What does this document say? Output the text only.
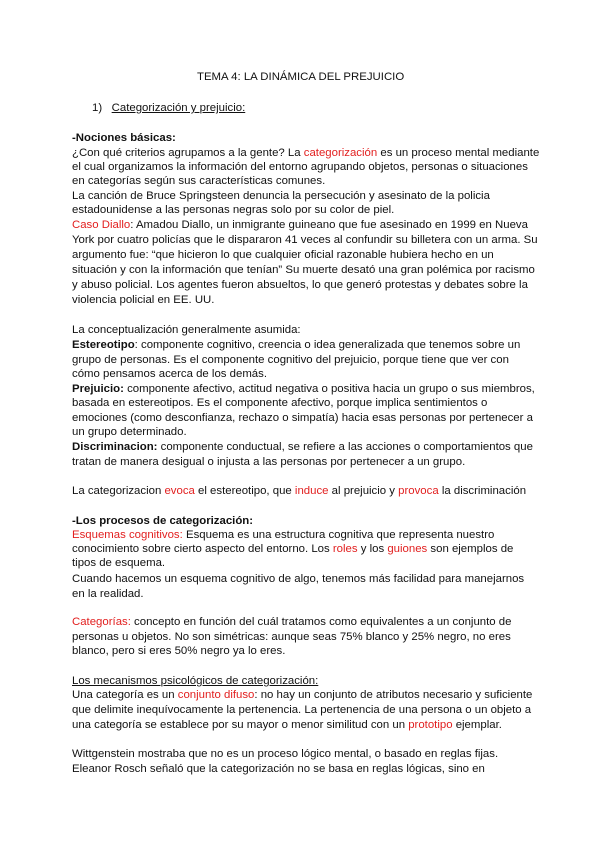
TEMA 4: LA DINÁMICA DEL PREJUICIO
1) Categorización y prejuicio:
-Nociones básicas:
¿Con qué criterios agrupamos a la gente? La categorización es un proceso mental mediante
el cual organizamos la información del entorno agrupando objetos, personas o situaciones
en categorías según sus características comunes.
La canción de Bruce Springsteen denuncia la persecución y asesinato de la policia
estadounidense a las personas negras solo por su color de piel.
Caso Diallo: Amadou Diallo, un inmigrante guineano que fue asesinado en 1999 en Nueva
York por cuatro policías que le dispararon 41 veces al confundir su billetera con un arma. Su
argumento fue: “que hicieron lo que cualquier oficial razonable hubiera hecho en un
situación y con la información que tenían” Su muerte desató una gran polémica por racismo
y abuso policial. Los agentes fueron absueltos, lo que generó protestas y debates sobre la
violencia policial en EE. UU.
La conceptualización generalmente asumida:
Estereotipo: componente cognitivo, creencia o idea generalizada que tenemos sobre un
grupo de personas. Es el componente cognitivo del prejuicio, porque tiene que ver con
cómo pensamos acerca de los demás.
Prejuicio: componente afectivo, actitud negativa o positiva hacia un grupo o sus miembros,
basada en estereotipos. Es el componente afectivo, porque implica sentimientos o
emociones (como desconfianza, rechazo o simpatía) hacia esas personas por pertenecer a
un grupo determinado.
Discriminacion: componente conductual, se refiere a las acciones o comportamientos que
tratan de manera desigual o injusta a las personas por pertenecer a un grupo.
La categorizacion evoca el estereotipo, que induce al prejuicio y provoca la discriminación
-Los procesos de categorización:
Esquemas cognitivos: Esquema es una estructura cognitiva que representa nuestro
conocimiento sobre cierto aspecto del entorno. Los roles y los guiones son ejemplos de
tipos de esquema.
Cuando hacemos un esquema cognitivo de algo, tenemos más facilidad para manejarnos
en la realidad.
Categorías: concepto en función del cuál tratamos como equivalentes a un conjunto de
personas u objetos. No son simétricas: aunque seas 75% blanco y 25% negro, no eres
blanco, pero si eres 50% negro ya lo eres.
Los mecanismos psicológicos de categorización:
Una categoría es un conjunto difuso: no hay un conjunto de atributos necesario y suficiente
que delimite inequívocamente la pertenencia. La pertenencia de una persona o un objeto a
una categoría se establece por su mayor o menor similitud con un prototipo ejemplar.
Wittgenstein mostraba que no es un proceso lógico mental, o basado en reglas fijas.
Eleanor Rosch señaló que la categorización no se basa en reglas lógicas, sino en
